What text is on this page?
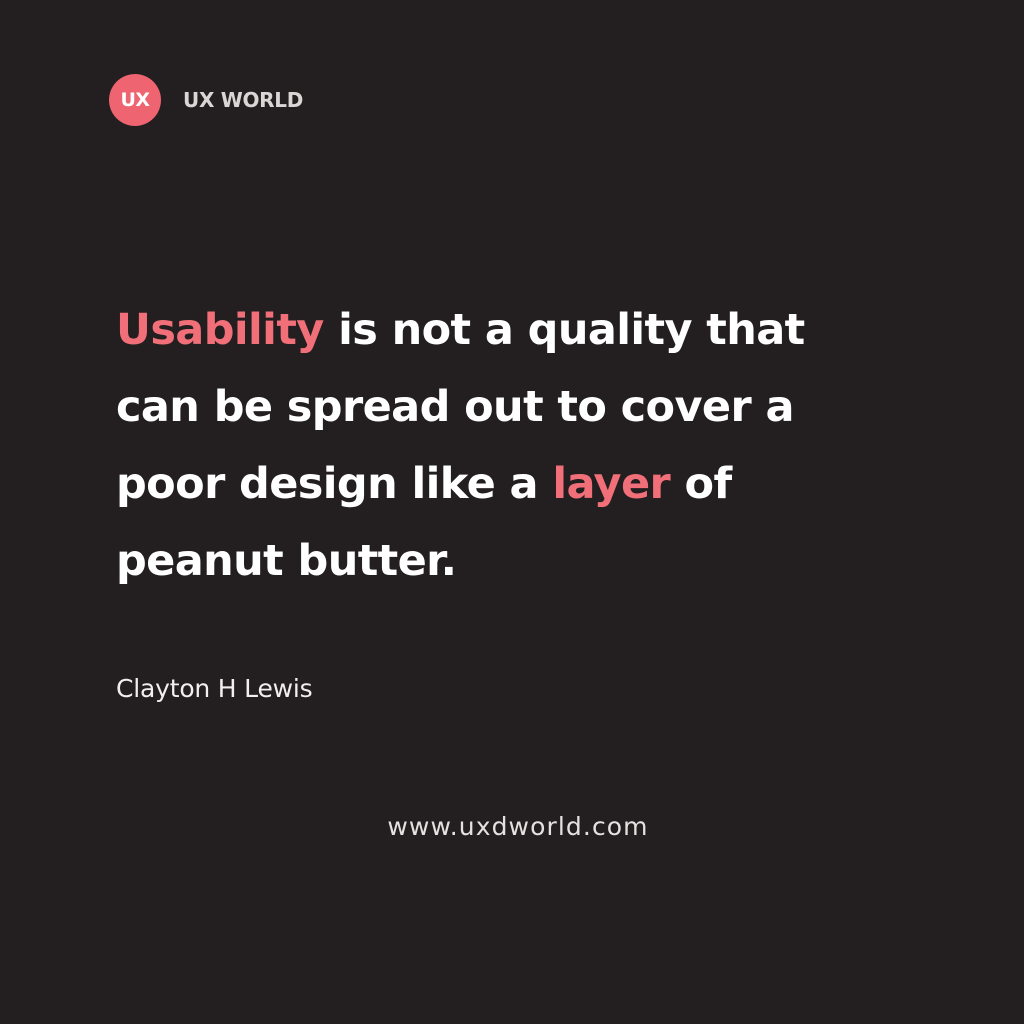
UX	UX WORLD

Usability is not a quality that
can be spread out to cover a
poor design like a layer of
peanut butter.

Clayton H Lewis

www.uxdworld.com
